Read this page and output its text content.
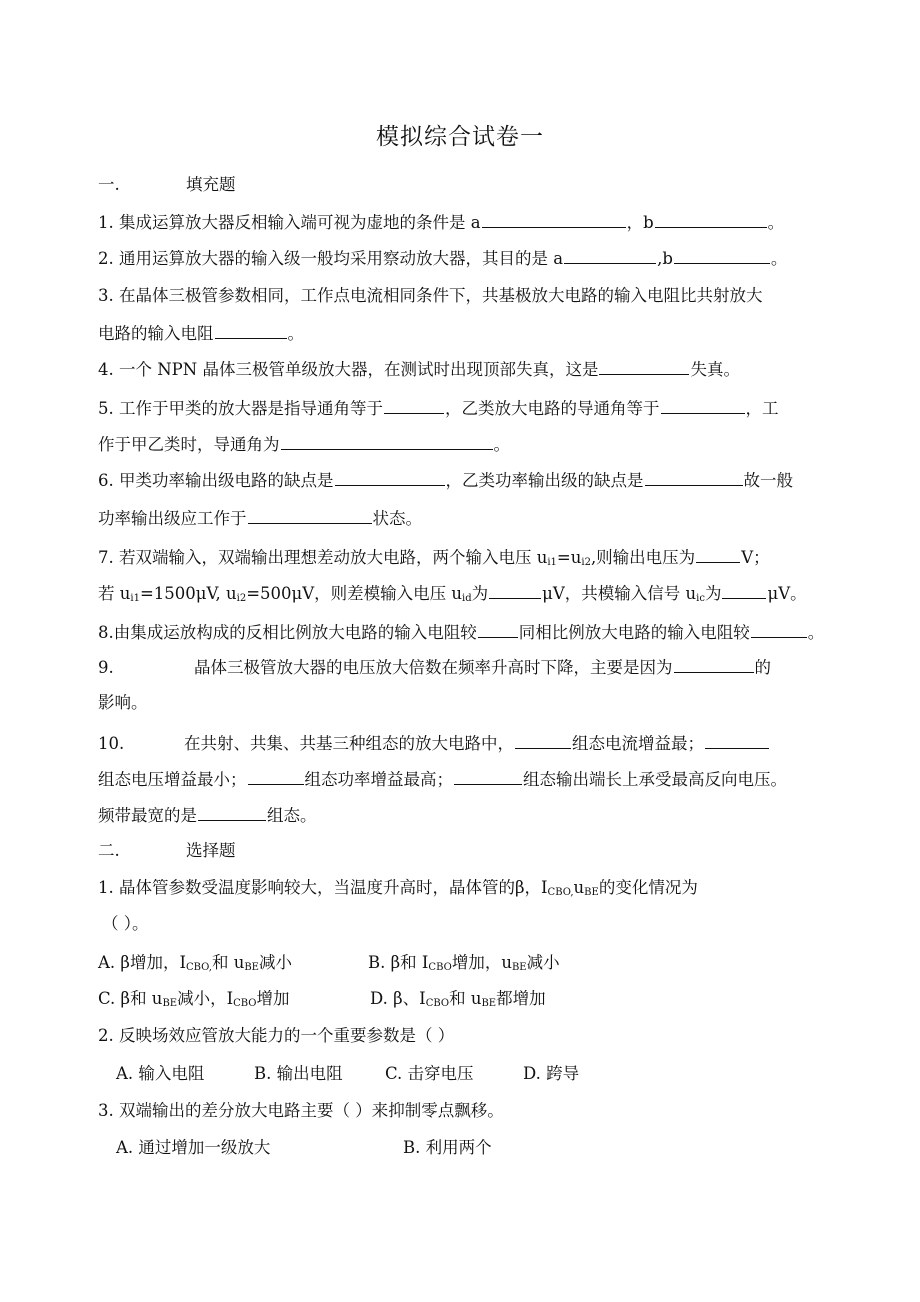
模拟综合试卷一
一.	填充题
1. 集成运算放大器反相输入端可视为虚地的条件是 a	，b	。
2. 通用运算放大器的输入级一般均采用察动放大器，其目的是 a	,b	。
3. 在晶体三极管参数相同，工作点电流相同条件下，共基极放大电路的输入电阻比共射放大
电路的输入电阻	。
4. 一个 NPN 晶体三极管单级放大器，在测试时出现顶部失真，这是	失真。
5. 工作于甲类的放大器是指导通角等于	，乙类放大电路的导通角等于	，工
作于甲乙类时，导通角为	。
6. 甲类功率输出级电路的缺点是	，乙类功率输出级的缺点是	故一般
功率输出级应工作于	状态。
7. 若双端输入，双端输出理想差动放大电路，两个输入电压 $u_{i1}=u_{i2}$,则输出电压为	V；
若 $u_{i1}=1500\mu V$, $u_{i2}=500\mu V$，则差模输入电压 $u_{id}$为	μV，共模输入信号 $u_{ic}$为	μV。
8.由集成运放构成的反相比例放大电路的输入电阻较	同相比例放大电路的输入电阻较	。
9.	晶体三极管放大器的电压放大倍数在频率升高时下降，主要是因为	的
影响。
10.	在共射、共集、共基三种组态的放大电路中，	组态电流增益最；
组态电压增益最小；	组态功率增益最高；	组态输出端长上承受最高反向电压。
频带最宽的是	组态。
二.	选择题
1. 晶体管参数受温度影响较大，当温度升高时，晶体管的β，$I_{CBO,}u_{BE}$的变化情况为
（ ）。
A. β增加，$I_{CBO,}$和 $u_{BE}$减小	B. β和 $I_{CBO}$增加，$u_{BE}$减小
C. β和 $u_{BE}$减小，$I_{CBO}$增加	D. β、$I_{CBO}$和 $u_{BE}$都增加
2. 反映场效应管放大能力的一个重要参数是（ ）
A. 输入电阻	B. 输出电阻	C. 击穿电压	D. 跨导
3. 双端输出的差分放大电路主要（ ）来抑制零点飘移。
A. 通过增加一级放大	B. 利用两个
